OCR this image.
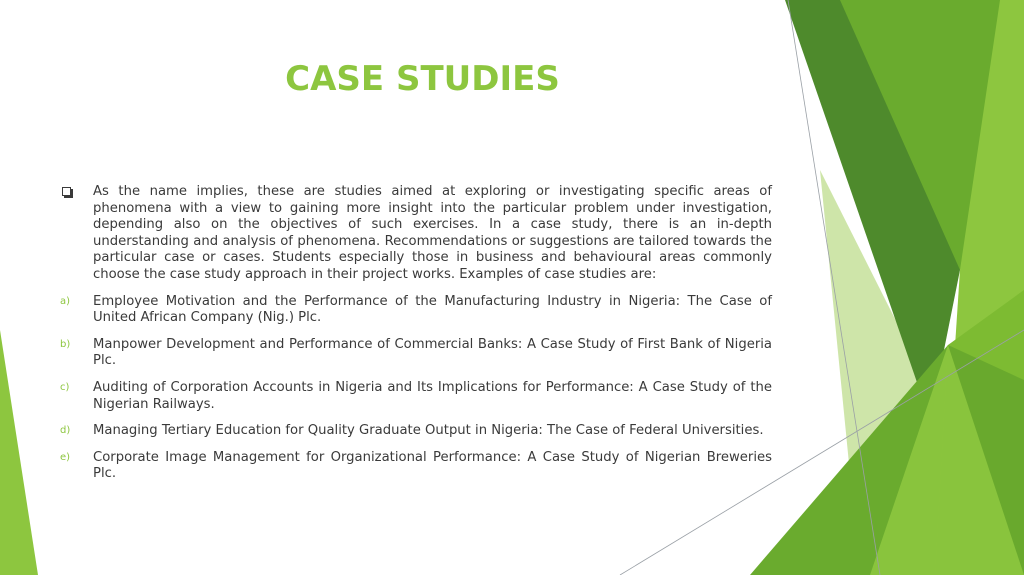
CASE STUDIES
As the name implies, these are studies aimed at exploring or investigating specific areas of phenomena with a view to gaining more insight into the particular problem under investigation, depending also on the objectives of such exercises. In a case study, there is an in-depth understanding and analysis of phenomena. Recommendations or suggestions are tailored towards the particular case or cases. Students especially those in business and behavioural areas commonly choose the case study approach in their project works. Examples of case studies are:
a) Employee Motivation and the Performance of the Manufacturing Industry in Nigeria: The Case of United African Company (Nig.) Plc.
b) Manpower Development and Performance of Commercial Banks: A Case Study of First Bank of Nigeria Plc.
c) Auditing of Corporation Accounts in Nigeria and Its Implications for Performance: A Case Study of the Nigerian Railways.
d) Managing Tertiary Education for Quality Graduate Output in Nigeria: The Case of Federal Universities.
e) Corporate Image Management for Organizational Performance: A Case Study of Nigerian Breweries Plc.
